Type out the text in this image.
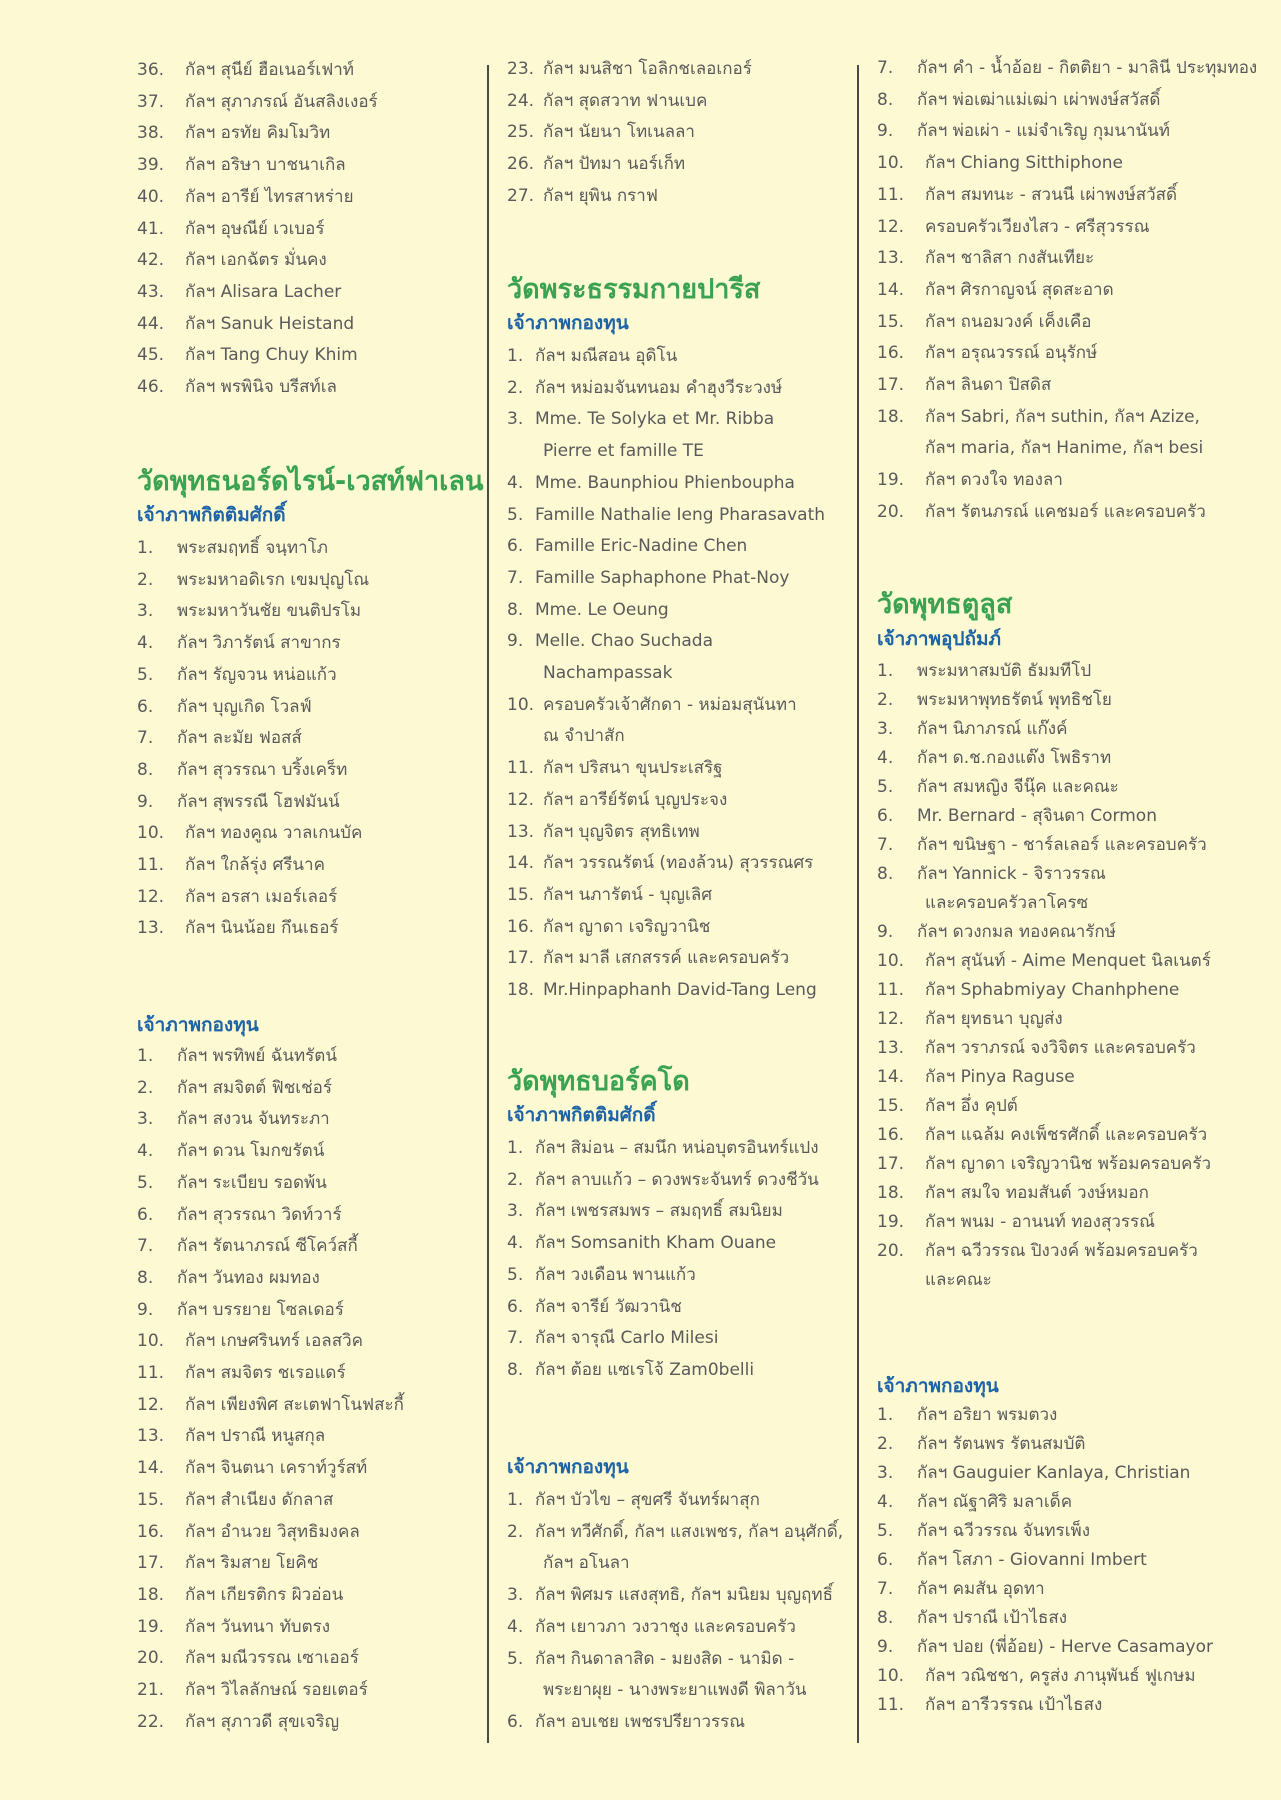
36. กัลฯ สุนีย์ ฮือเนอร์เฟาท์
37. กัลฯ สุภาภรณ์ อันสลิงเงอร์
38. กัลฯ อรทัย คิมโมวิท
39. กัลฯ อริษา บาชนาเกิล
40. กัลฯ อารีย์ ไทรสาหร่าย
41. กัลฯ อุษณีย์ เวเบอร์
42. กัลฯ เอกฉัตร มั่นคง
43. กัลฯ Alisara Lacher
44. กัลฯ Sanuk Heistand
45. กัลฯ Tang Chuy Khim
46. กัลฯ พรพินิจ บรีสท์เล
วัดพุทธนอร์ดไรน์-เวสท์ฟาเลน
เจ้าภาพกิตติมศักดิ์
1. พระสมฤทธิ์ จนฺทาโภ
2. พระมหาอดิเรก เขมปุญโณ
3. พระมหาวันชัย ขนติปรโม
4. กัลฯ วิภารัตน์ สาขากร
5. กัลฯ รัญจวน หน่อแก้ว
6. กัลฯ บุญเกิด โวลฟ์
7. กัลฯ ละมัย ฟอสส์
8. กัลฯ สุวรรณา บริ้งเคร็ท
9. กัลฯ สุพรรณี โฮฟมันน์
10. กัลฯ ทองคูณ วาลเกนบัค
11. กัลฯ ใกล้รุ่ง ศรีนาค
12. กัลฯ อรสา เมอร์เลอร์
13. กัลฯ นินน้อย กึนเธอร์
เจ้าภาพกองทุน
1. กัลฯ พรทิพย์ ฉันทรัตน์
2. กัลฯ สมจิตต์ ฟิชเช่อร์
3. กัลฯ สงวน จันทระภา
4. กัลฯ ดวน โมกขรัตน์
5. กัลฯ ระเบียบ รอดพ้น
6. กัลฯ สุวรรณา วิดท์วาร์
7. กัลฯ รัตนาภรณ์ ซีโคว์สกี้
8. กัลฯ วันทอง ผมทอง
9. กัลฯ บรรยาย โซลเดอร์
10. กัลฯ เกษศรินทร์ เอลสวิค
11. กัลฯ สมจิตร ชเรอแดร์
12. กัลฯ เพียงพิศ สะเตฟาโนฟสะกี้
13. กัลฯ ปราณี หนูสกุล
14. กัลฯ จินตนา เคราท์วูร์สท์
15. กัลฯ สำเนียง ดักลาส
16. กัลฯ อำนวย วิสุทธิมงคล
17. กัลฯ ริมสาย โยคิช
18. กัลฯ เกียรติกร ผิวอ่อน
19. กัลฯ วันทนา ทับตรง
20. กัลฯ มณีวรรณ เซาเออร์
21. กัลฯ วิไลลักษณ์ รอยเตอร์
22. กัลฯ สุภาวดี สุขเจริญ
23. กัลฯ มนสิชา โอลิกชเลอเกอร์
24. กัลฯ สุดสวาท ฟานเบค
25. กัลฯ นัยนา โทเนลลา
26. กัลฯ ปัทมา นอร์เก็ท
27. กัลฯ ยุพิน กราฟ
วัดพระธรรมกายปารีส
เจ้าภาพกองทุน
1. กัลฯ มณีสอน อุดิโน
2. กัลฯ หม่อมจันทนอม คำฮุงวีระวงษ์
3. Mme. Te Solyka et Mr. Ribba
Pierre et famille TE
4. Mme. Baunphiou Phienboupha
5. Famille Nathalie Ieng Pharasavath
6. Famille Eric-Nadine Chen
7. Famille Saphaphone Phat-Noy
8. Mme. Le Oeung
9. Melle. Chao Suchada
Nachampassak
10. ครอบครัวเจ้าศักดา - หม่อมสุนันทา
ณ จำปาสัก
11. กัลฯ ปริสนา ขุนประเสริฐ
12. กัลฯ อารีย์รัตน์ บุญประจง
13. กัลฯ บุญจิตร สุทธิเทพ
14. กัลฯ วรรณรัตน์ (ทองล้วน) สุวรรณศร
15. กัลฯ นภารัตน์ - บุญเลิศ
16. กัลฯ ญาดา เจริญวานิช
17. กัลฯ มาลี เสกสรรค์ และครอบครัว
18. Mr.Hinpaphanh David-Tang Leng
วัดพุทธบอร์คโด
เจ้าภาพกิตติมศักดิ์
1. กัลฯ สิม่อน – สมนึก หน่อบุตรอินทร์แปง
2. กัลฯ ลาบแก้ว – ดวงพระจันทร์ ดวงชีวัน
3. กัลฯ เพชรสมพร – สมฤทธิ์ สมนิยม
4. กัลฯ Somsanith Kham Ouane
5. กัลฯ วงเดือน พานแก้ว
6. กัลฯ จารีย์ วัฒวานิช
7. กัลฯ จารุณี Carlo Milesi
8. กัลฯ ต้อย แซเรโจ้ Zam0belli
เจ้าภาพกองทุน
1. กัลฯ บัวไข – สุขศรี จันทร์ผาสุก
2. กัลฯ ทวีศักดิ์, กัลฯ แสงเพชร, กัลฯ อนุศักดิ์,
กัลฯ อโนลา
3. กัลฯ พิศมร แสงสุทธิ, กัลฯ มนิยม บุญฤทธิ์
4. กัลฯ เยาวภา วงวาชุง และครอบครัว
5. กัลฯ กินดาลาสิด - มยงสิด - นามิด -
พระยาผุย - นางพระยาแพงดี พิลาวัน
6. กัลฯ อบเชย เพชรปรียาวรรณ
7. กัลฯ คำ - น้ำอ้อย - กิตติยา - มาลินี ประทุมทอง
8. กัลฯ พ่อเฒ่าแม่เฒ่า เผ่าพงษ์สวัสดิ์
9. กัลฯ พ่อเผ่า - แม่จำเริญ กุมนานันท์
10. กัลฯ Chiang Sitthiphone
11. กัลฯ สมทนะ - สวนนี เผ่าพงษ์สวัสดิ์
12. ครอบครัวเวียงไสว - ศรีสุวรรณ
13. กัลฯ ชาลิสา กงสันเทียะ
14. กัลฯ ศิรกาญจน์ สุดสะอาด
15. กัลฯ ถนอมวงค์ เค็งเคือ
16. กัลฯ อรุณวรรณ์ อนุรักษ์
17. กัลฯ ลินดา ปิสดิส
18. กัลฯ Sabri, กัลฯ suthin, กัลฯ Azize,
กัลฯ maria, กัลฯ Hanime, กัลฯ besi
19. กัลฯ ดวงใจ ทองลา
20. กัลฯ รัตนภรณ์ แคชมอร์ และครอบครัว
วัดพุทธตูลูส
เจ้าภาพอุปถัมภ์
1. พระมหาสมบัติ ธัมมทีโป
2. พระมหาพุทธรัตน์ พุทธิชโย
3. กัลฯ นิภาภรณ์ แก๊งค์
4. กัลฯ ด.ช.กองแต๊ง โพธิราท
5. กัลฯ สมหญิง จีนุ๊ค และคณะ
6. Mr. Bernard - สุจินดา Cormon
7. กัลฯ ขนิษฐา - ชาร์ลเลอร์ และครอบครัว
8. กัลฯ Yannick - จิราวรรณ
และครอบครัวลาโครซ
9. กัลฯ ดวงกมล ทองคณารักษ์
10. กัลฯ สุนันท์ - Aime Menquet นิลเนตร์
11. กัลฯ Sphabmiyay Chanhphene
12. กัลฯ ยุทธนา บุญส่ง
13. กัลฯ วราภรณ์ จงวิจิตร และครอบครัว
14. กัลฯ Pinya Raguse
15. กัลฯ อึ่ง คุปต์
16. กัลฯ แฉล้ม คงเพ็ชรศักดิ์ และครอบครัว
17. กัลฯ ญาดา เจริญวานิช พร้อมครอบครัว
18. กัลฯ สมใจ ทอมสันต์ วงษ์หมอก
19. กัลฯ พนม - อานนท์ ทองสุวรรณ์
20. กัลฯ ฉวีวรรณ ปิงวงค์ พร้อมครอบครัว
และคณะ
เจ้าภาพกองทุน
1. กัลฯ อริยา พรมตวง
2. กัลฯ รัตนพร รัตนสมบัติ
3. กัลฯ Gauguier Kanlaya, Christian
4. กัลฯ ณัฐาศิริ มลาเด็ค
5. กัลฯ ฉวีวรรณ จันทรเพ็ง
6. กัลฯ โสภา - Giovanni Imbert
7. กัลฯ คมสัน อุดทา
8. กัลฯ ปราณี เป้าไธสง
9. กัลฯ ปอย (พี่อ้อย) - Herve Casamayor
10. กัลฯ วณิชชา, ครูส่ง ภานุพันธ์ ฟูเกษม
11. กัลฯ อารีวรรณ เป้าไธสง
